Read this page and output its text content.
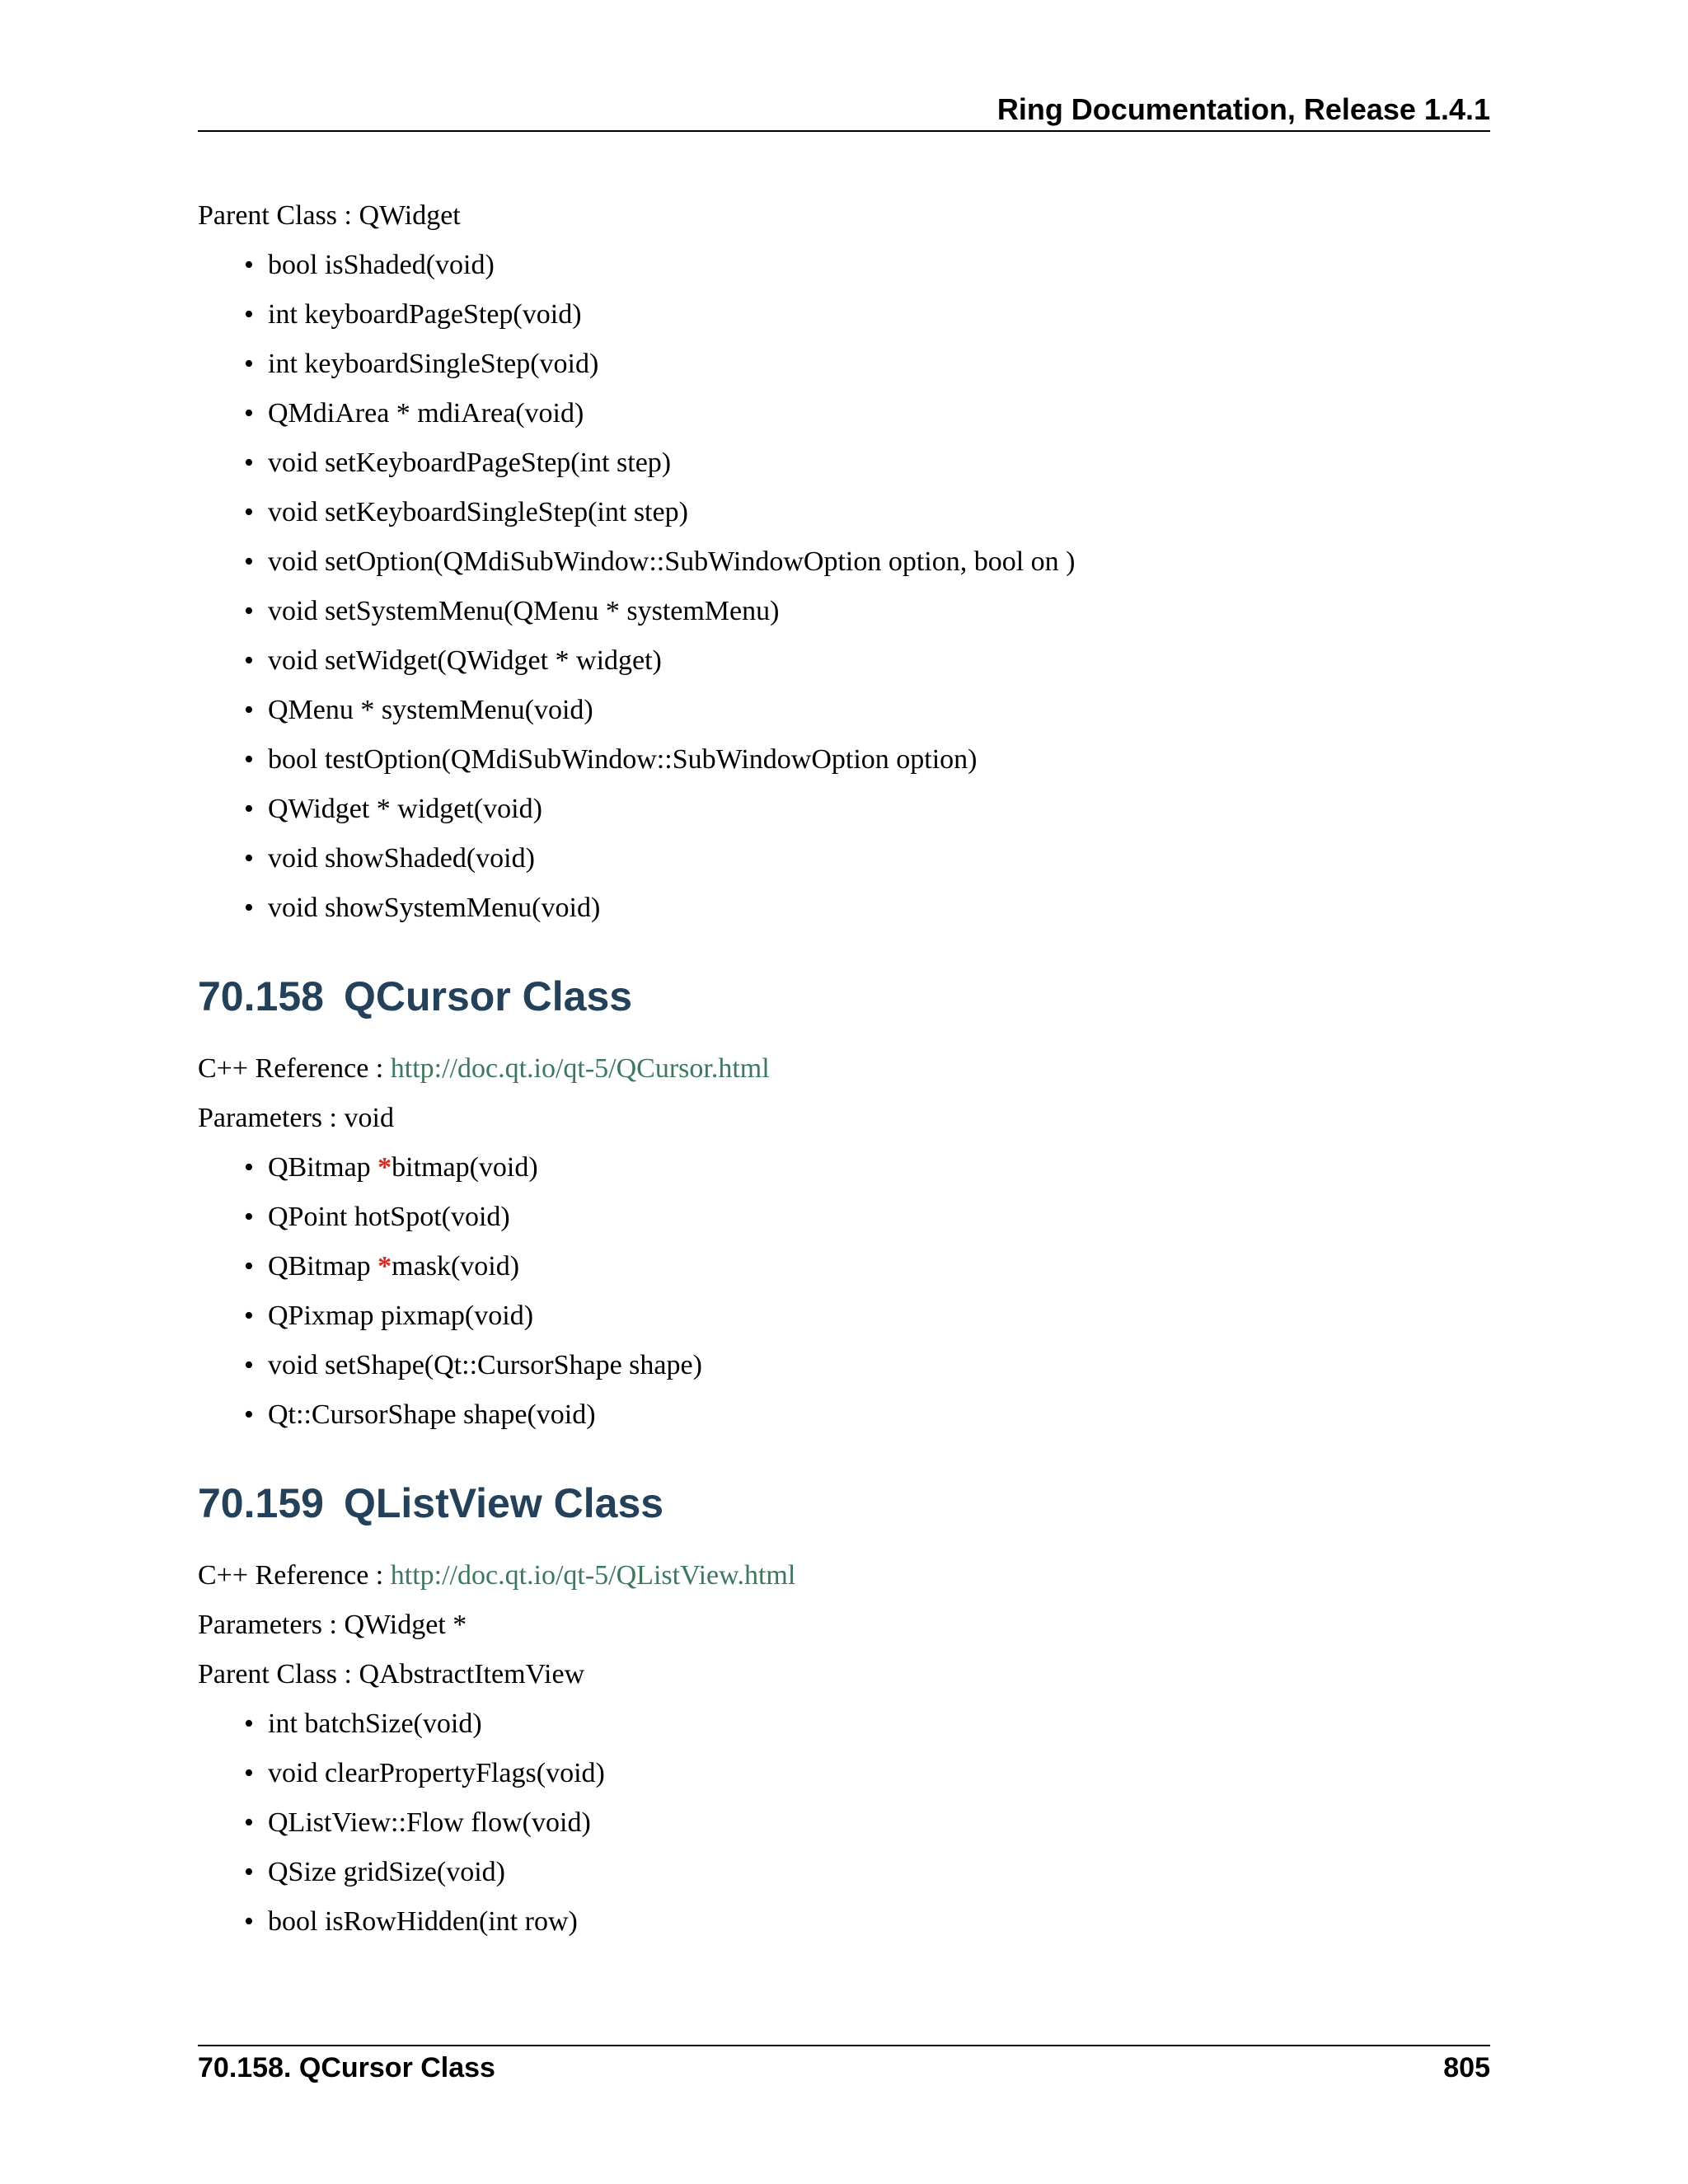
Ring Documentation, Release 1.4.1

Parent Class : QWidget

• bool isShaded(void)
• int keyboardPageStep(void)
• int keyboardSingleStep(void)
• QMdiArea * mdiArea(void)
• void setKeyboardPageStep(int step)
• void setKeyboardSingleStep(int step)
• void setOption(QMdiSubWindow::SubWindowOption option, bool on )
• void setSystemMenu(QMenu * systemMenu)
• void setWidget(QWidget * widget)
• QMenu * systemMenu(void)
• bool testOption(QMdiSubWindow::SubWindowOption option)
• QWidget * widget(void)
• void showShaded(void)
• void showSystemMenu(void)
70.158 QCursor Class

C++ Reference : http://doc.qt.io/qt-5/QCursor.html

Parameters : void

• QBitmap *bitmap(void)
• QPoint hotSpot(void)
• QBitmap *mask(void)
• QPixmap pixmap(void)
• void setShape(Qt::CursorShape shape)
• Qt::CursorShape shape(void)
70.159 QListView Class

C++ Reference : http://doc.qt.io/qt-5/QListView.html

Parameters : QWidget *

Parent Class : QAbstractItemView

• int batchSize(void)
• void clearPropertyFlags(void)
• QListView::Flow flow(void)
• QSize gridSize(void)
• bool isRowHidden(int row)
70.158. QCursor Class	805
